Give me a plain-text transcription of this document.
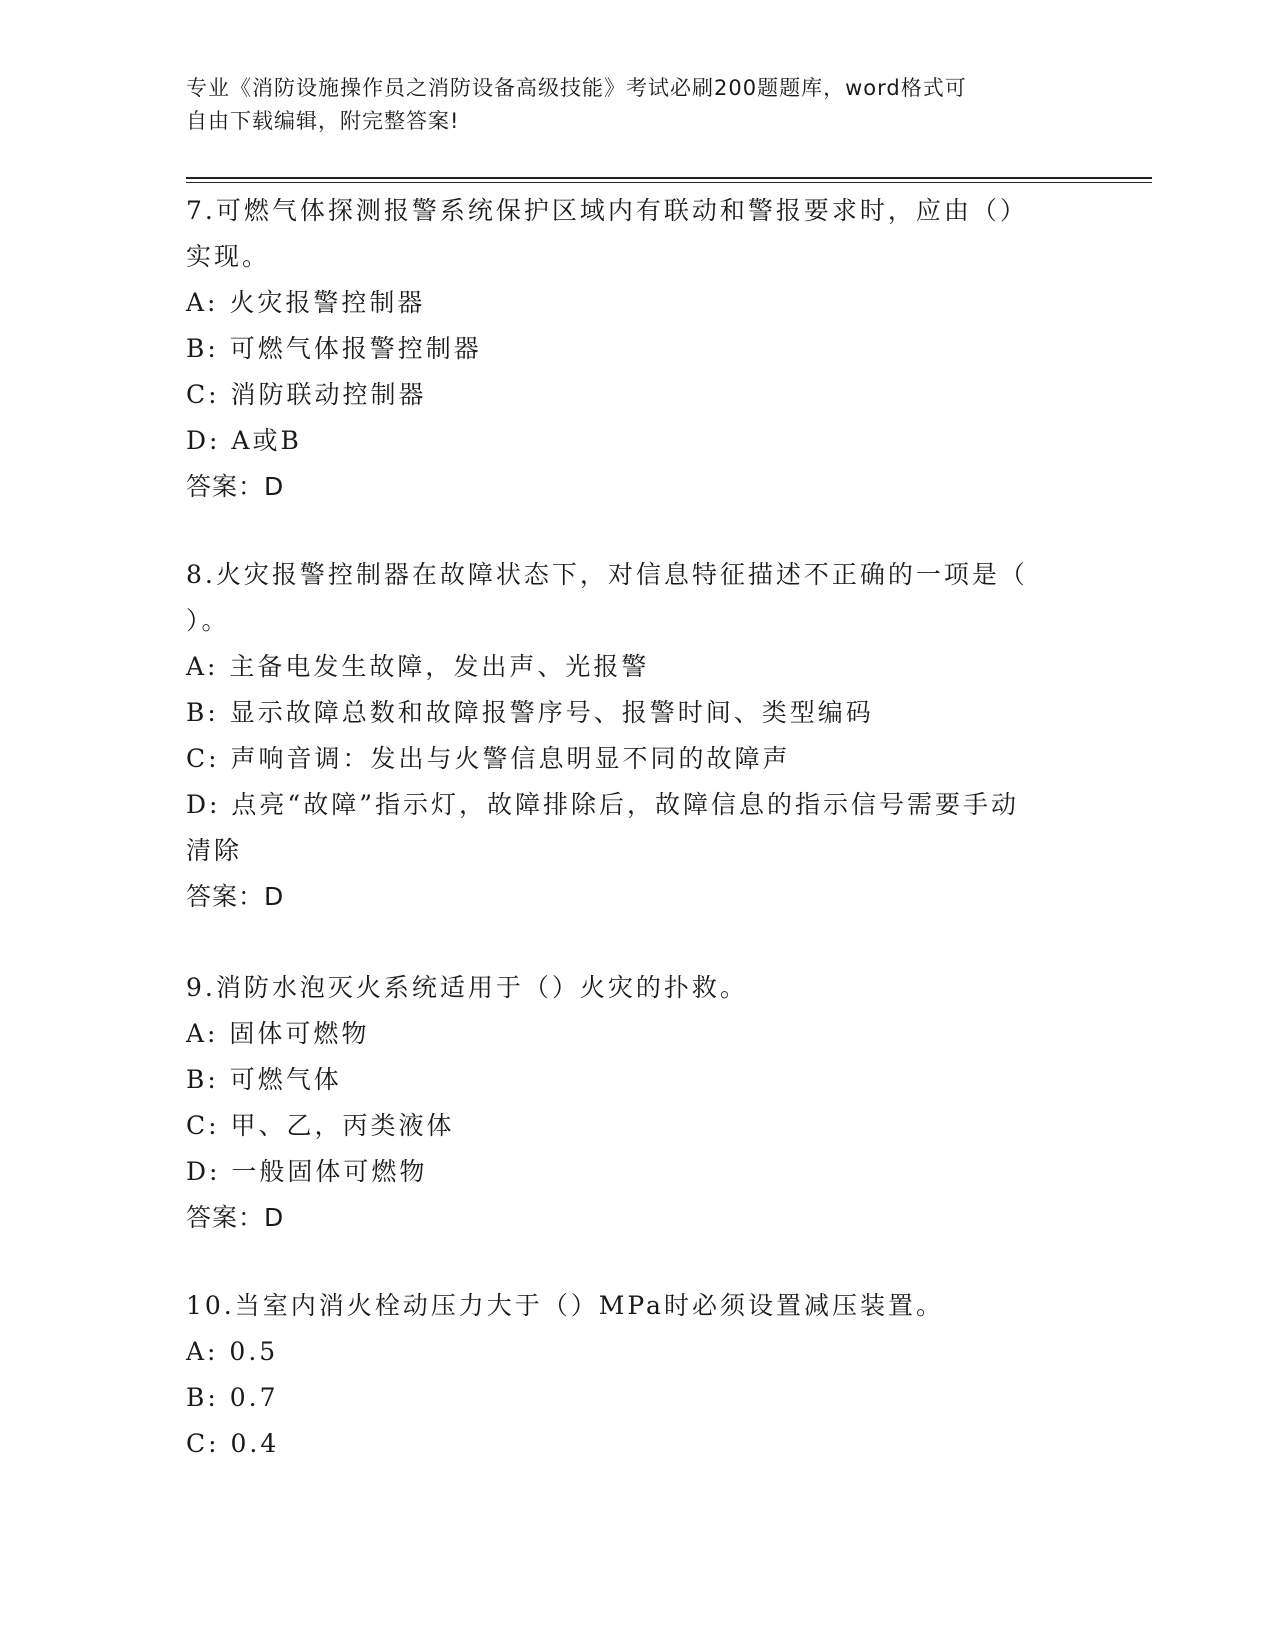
专业《消防设施操作员之消防设备高级技能》考试必刷200题题库，word格式可
自由下载编辑，附完整答案!
7.可燃气体探测报警系统保护区域内有联动和警报要求时，应由（）
实现。
A: 火灾报警控制器
B: 可燃气体报警控制器
C: 消防联动控制器
D: A或B
答案：D
8.火灾报警控制器在故障状态下，对信息特征描述不正确的一项是（
）。
A: 主备电发生故障，发出声、光报警
B: 显示故障总数和故障报警序号、报警时间、类型编码
C: 声响音调：发出与火警信息明显不同的故障声
D: 点亮“故障”指示灯，故障排除后，故障信息的指示信号需要手动
清除
答案：D
9.消防水泡灭火系统适用于（）火灾的扑救。
A: 固体可燃物
B: 可燃气体
C: 甲、乙，丙类液体
D: 一般固体可燃物
答案：D
10.当室内消火栓动压力大于（）MPa时必须设置减压装置。
A: 0.5
B: 0.7
C: 0.4
